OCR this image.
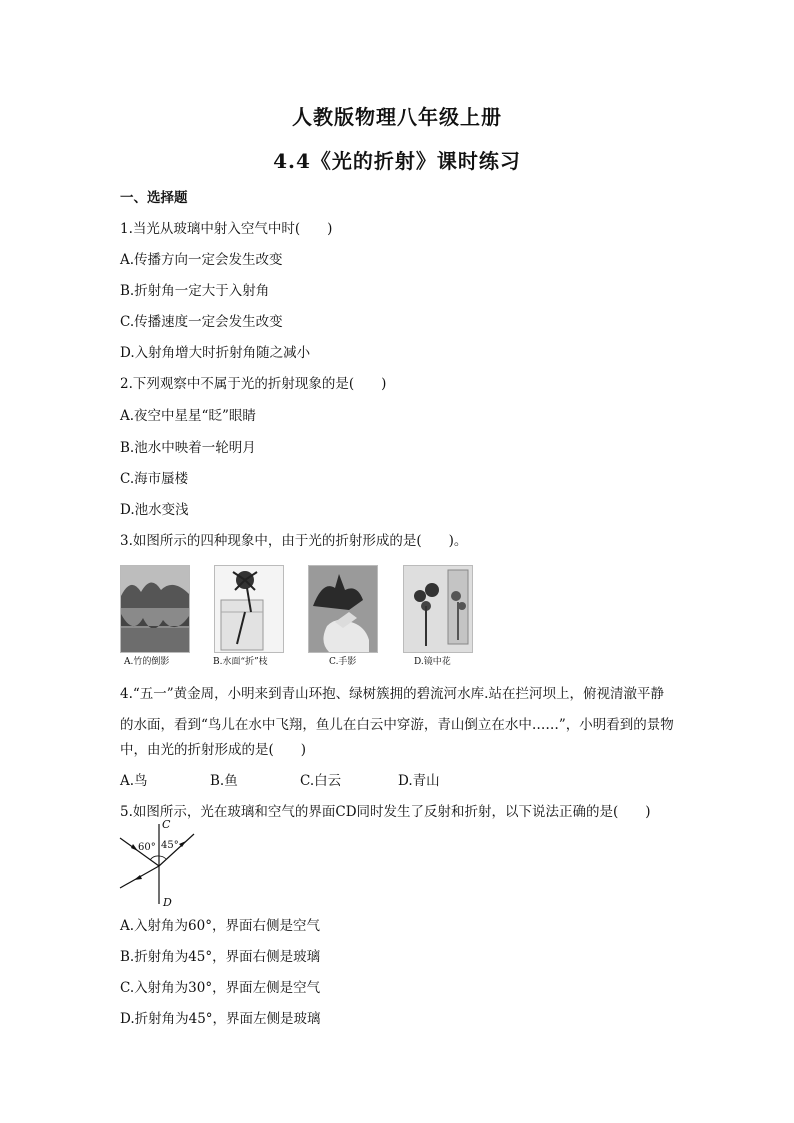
人教版物理八年级上册
4.4《光的折射》课时练习
一、选择题
1.当光从玻璃中射入空气中时(　　)
A.传播方向一定会发生改变
B.折射角一定大于入射角
C.传播速度一定会发生改变
D.入射角增大时折射角随之减小
2.下列观察中不属于光的折射现象的是(　　)
A.夜空中星星“眨”眼睛
B.池水中映着一轮明月
C.海市蜃楼
D.池水变浅
3.如图所示的四种现象中，由于光的折射形成的是(　　)。
A.竹的倒影	B.水面“折”枝	C.手影	D.镜中花
4.“五一”黄金周，小明来到青山环抱、绿树簇拥的碧流河水库.站在拦河坝上，俯视清澈平静
的水面，看到“鸟儿在水中飞翔，鱼儿在白云中穿游，青山倒立在水中……”，小明看到的景物
中，由光的折射形成的是(　　)
A.鸟	B.鱼	C.白云	D.青山
5.如图所示，光在玻璃和空气的界面CD同时发生了反射和折射，以下说法正确的是(　　)
C
D
60° 45°
A.入射角为60°，界面右侧是空气
B.折射角为45°，界面右侧是玻璃
C.入射角为30°，界面左侧是空气
D.折射角为45°，界面左侧是玻璃
